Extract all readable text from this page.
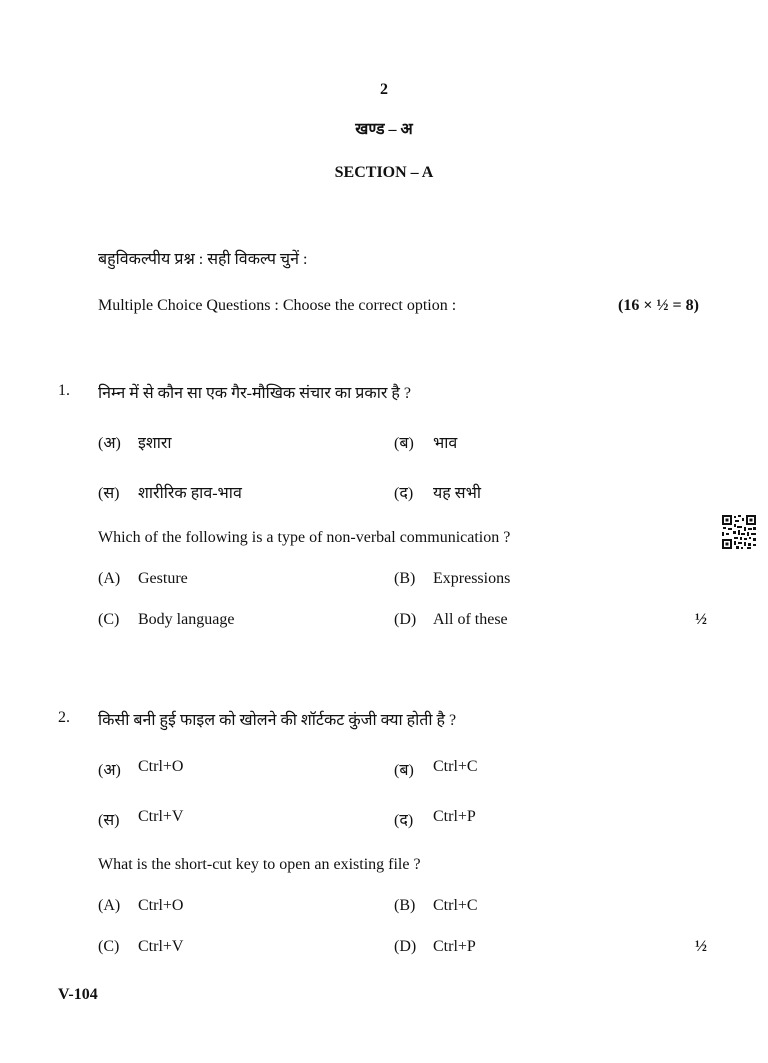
2
खण्ड – अ
SECTION – A
बहुविकल्पीय प्रश्न : सही विकल्प चुनें :
Multiple Choice Questions : Choose the correct option :	(16 × ½ = 8)
1. निम्न में से कौन सा एक गैर-मौखिक संचार का प्रकार है ?
(अ) इशारा	(ब) भाव
(स) शारीरिक हाव-भाव	(द) यह सभी
Which of the following is a type of non-verbal communication ?
(A) Gesture	(B) Expressions
(C) Body language	(D) All of these	½
2. किसी बनी हुई फाइल को खोलने की शॉर्टकट कुंजी क्या होती है ?
(अ) Ctrl+O	(ब) Ctrl+C
(स) Ctrl+V	(द) Ctrl+P
What is the short-cut key to open an existing file ?
(A) Ctrl+O	(B) Ctrl+C
(C) Ctrl+V	(D) Ctrl+P	½
V-104
